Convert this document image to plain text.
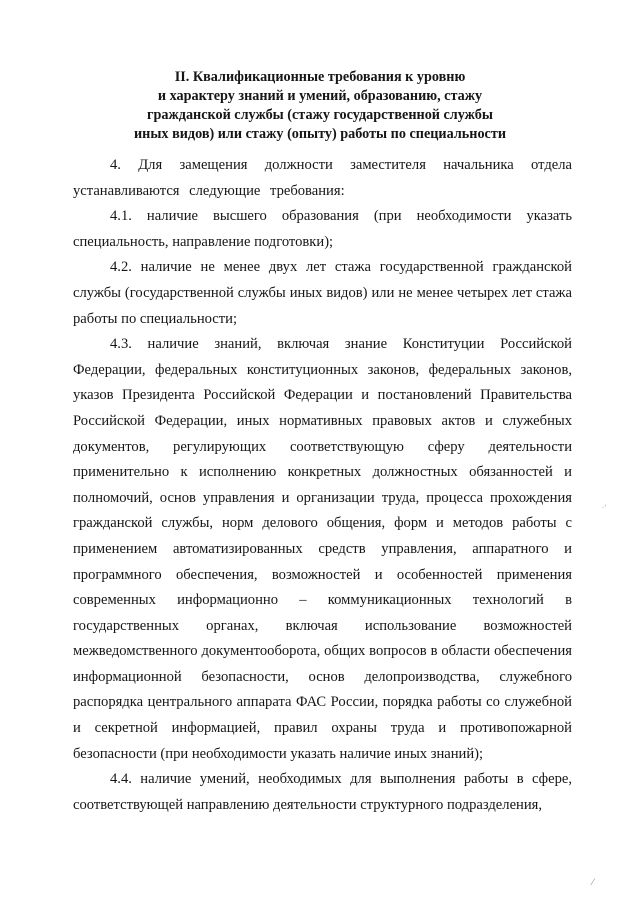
II. Квалификационные требования к уровню
и характеру знаний и умений, образованию, стажу
гражданской службы (стажу государственной службы
иных видов) или стажу (опыту) работы по специальности

4. Для замещения должности заместителя начальника отдела устанавливаются следующие требования:

4.1. наличие высшего образования (при необходимости указать специальность, направление подготовки);

4.2. наличие не менее двух лет стажа государственной гражданской службы (государственной службы иных видов) или не менее четырех лет стажа работы по специальности;

4.3. наличие знаний, включая знание Конституции Российской Федерации, федеральных конституционных законов, федеральных законов, указов Президента Российской Федерации и постановлений Правительства Российской Федерации, иных нормативных правовых актов и служебных документов, регулирующих соответствующую сферу деятельности применительно к исполнению конкретных должностных обязанностей и полномочий, основ управления и организации труда, процесса прохождения гражданской службы, норм делового общения, форм и методов работы с применением автоматизированных средств управления, аппаратного и программного обеспечения, возможностей и особенностей применения современных информационно – коммуникационных технологий в государственных органах, включая использование возможностей межведомственного документооборота, общих вопросов в области обеспечения информационной безопасности, основ делопроизводства, служебного распорядка центрального аппарата ФАС России, порядка работы со служебной и секретной информацией, правил охраны труда и противопожарной безопасности (при необходимости указать наличие иных знаний);

4.4. наличие умений, необходимых для выполнения работы в сфере, соответствующей направлению деятельности структурного подразделения,

·ʻ
⁄
